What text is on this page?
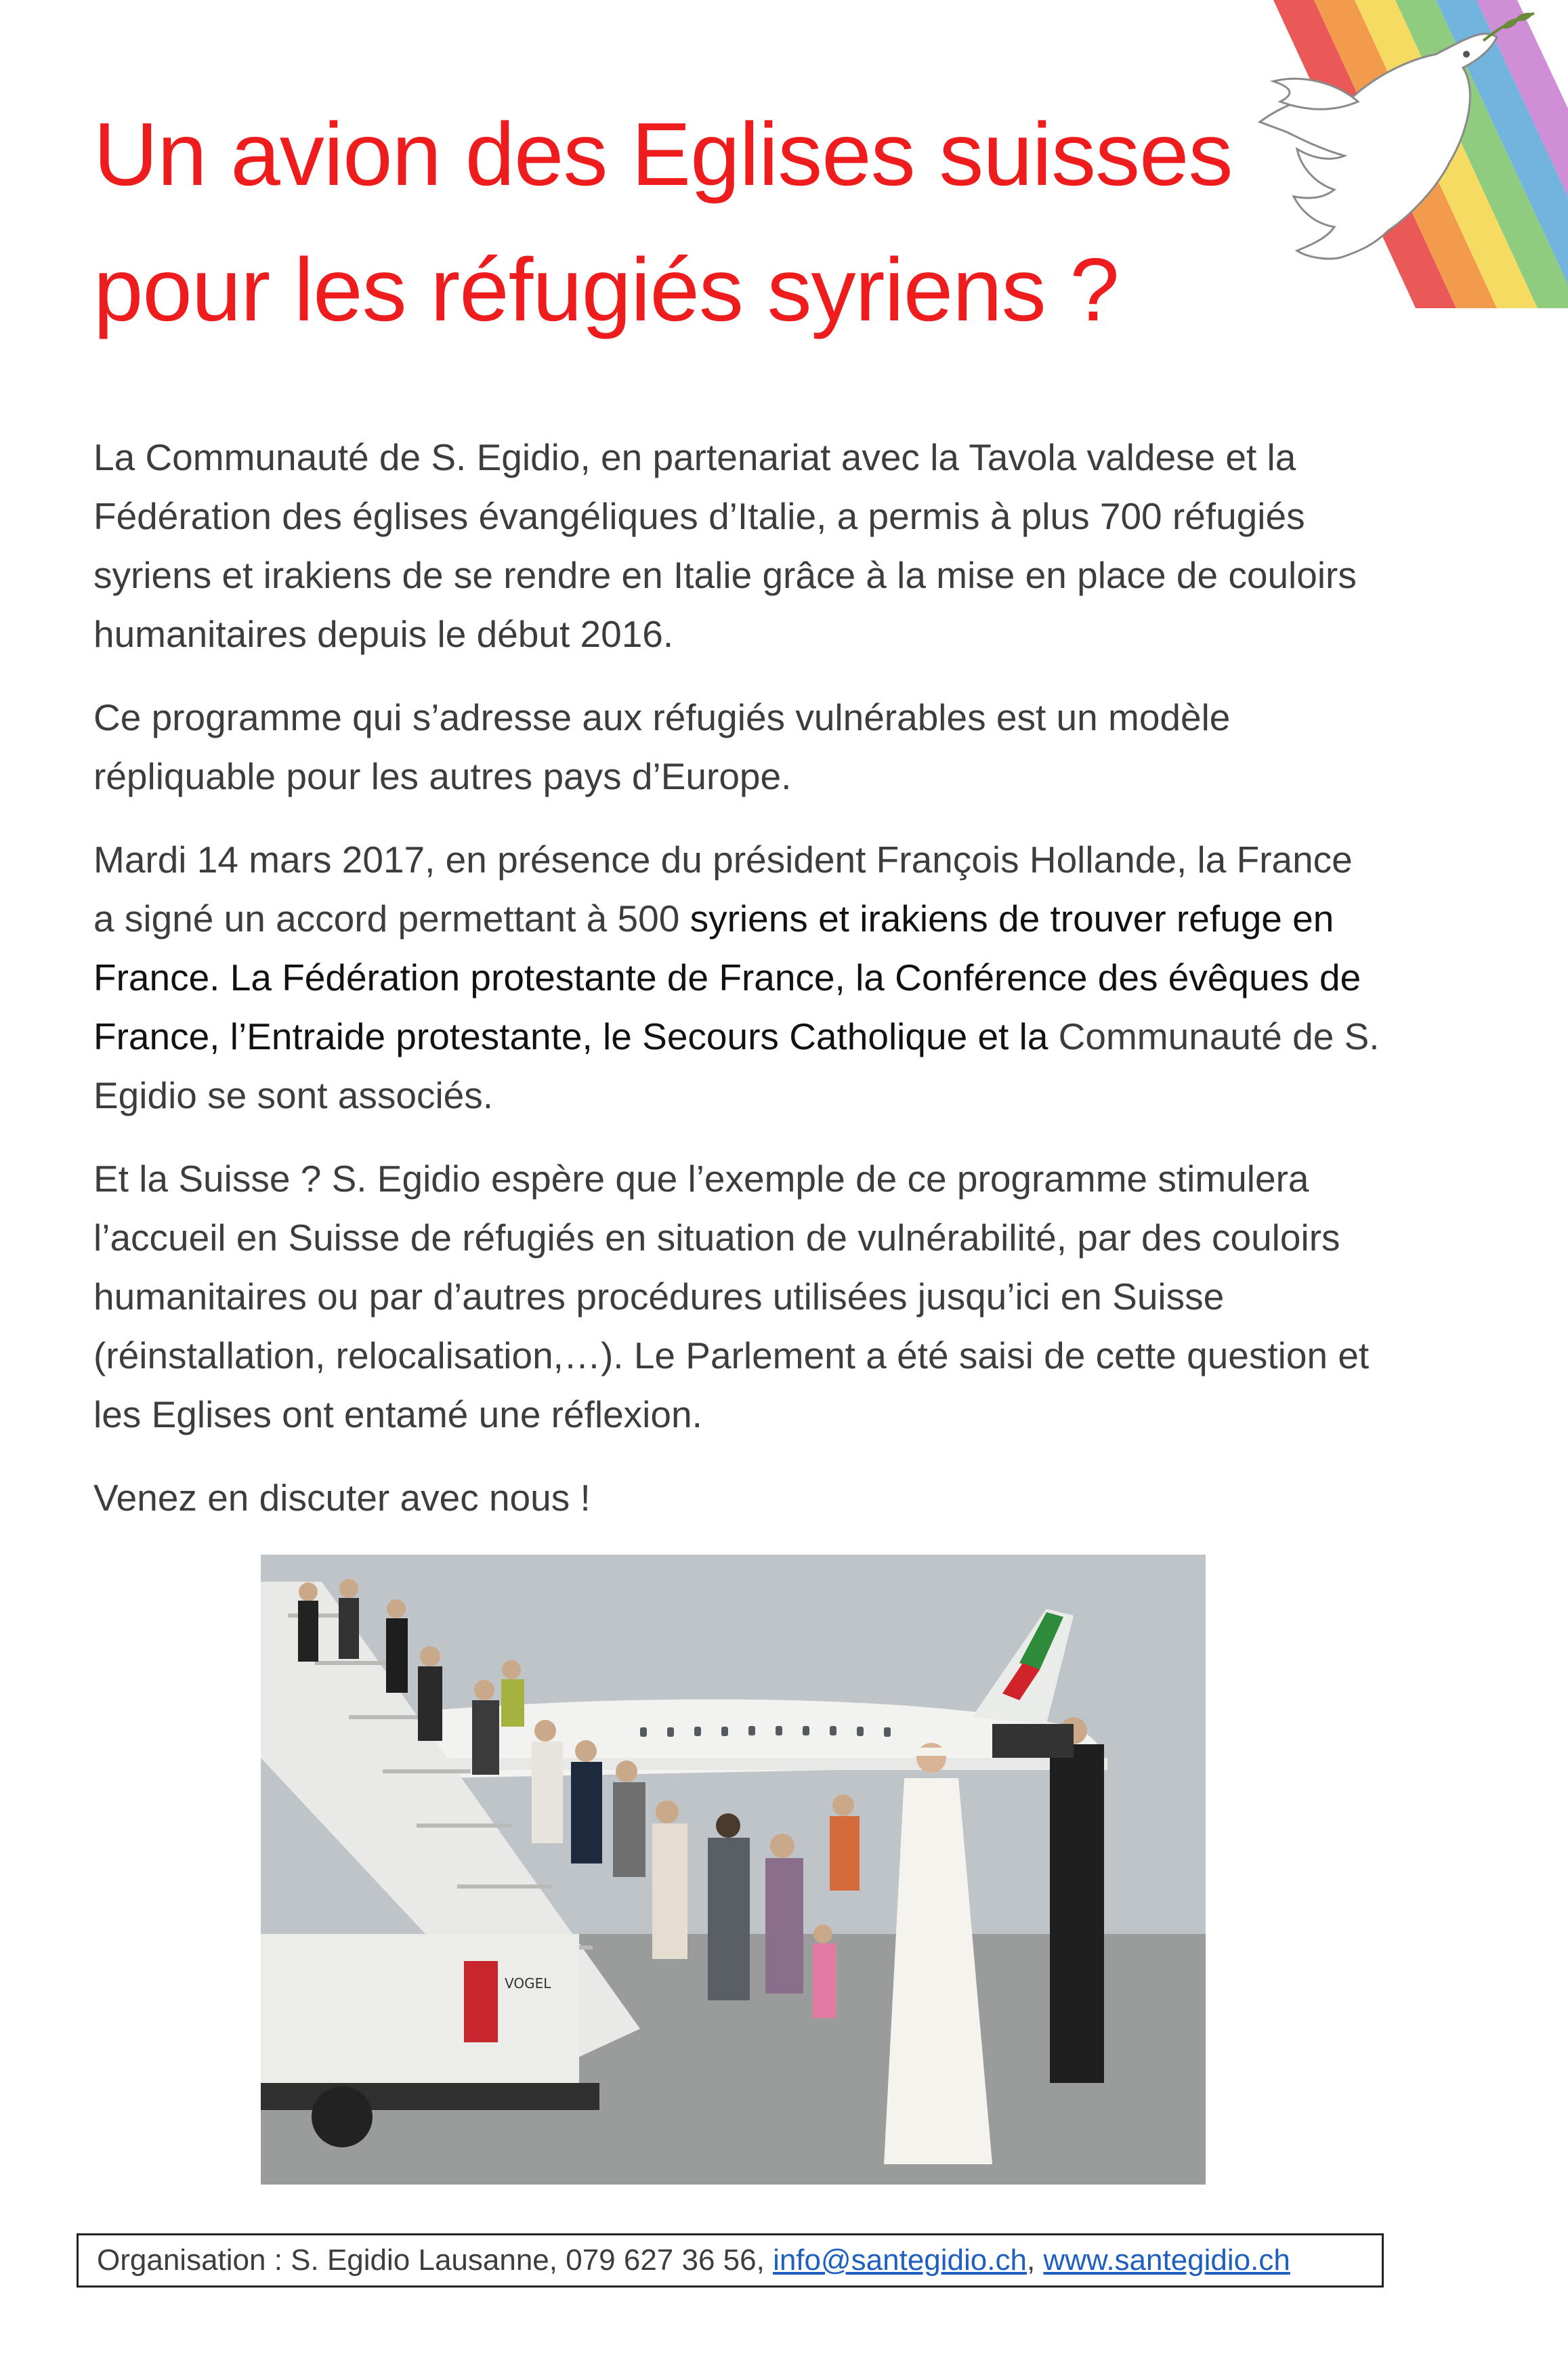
Un avion des Eglises suisses
pour les réfugiés syriens ?

La Communauté de S. Egidio, en partenariat avec la Tavola valdese et la Fédération des églises évangéliques d’Italie, a permis à plus 700 réfugiés syriens et irakiens de se rendre en Italie grâce à la mise en place de couloirs humanitaires depuis le début 2016.

Ce programme qui s’adresse aux réfugiés vulnérables est un modèle répliquable pour les autres pays d’Europe.

Mardi 14 mars 2017, en présence du président François Hollande, la France a signé un accord permettant à 500 syriens et irakiens de trouver refuge en France. La Fédération protestante de France, la Conférence des évêques de France, l’Entraide protestante, le Secours Catholique et la Communauté de S. Egidio se sont associés.

Et la Suisse ? S. Egidio espère que l’exemple de ce programme stimulera l’accueil en Suisse de réfugiés en situation de vulnérabilité, par des couloirs humanitaires ou par d’autres procédures utilisées jusqu’ici en Suisse (réinstallation, relocalisation,…). Le Parlement a été saisi de cette question et les Eglises ont entamé une réflexion.

Venez en discuter avec nous !

VOGEL
Organisation : S. Egidio Lausanne, 079 627 36 56, info@santegidio.ch, www.santegidio.ch
